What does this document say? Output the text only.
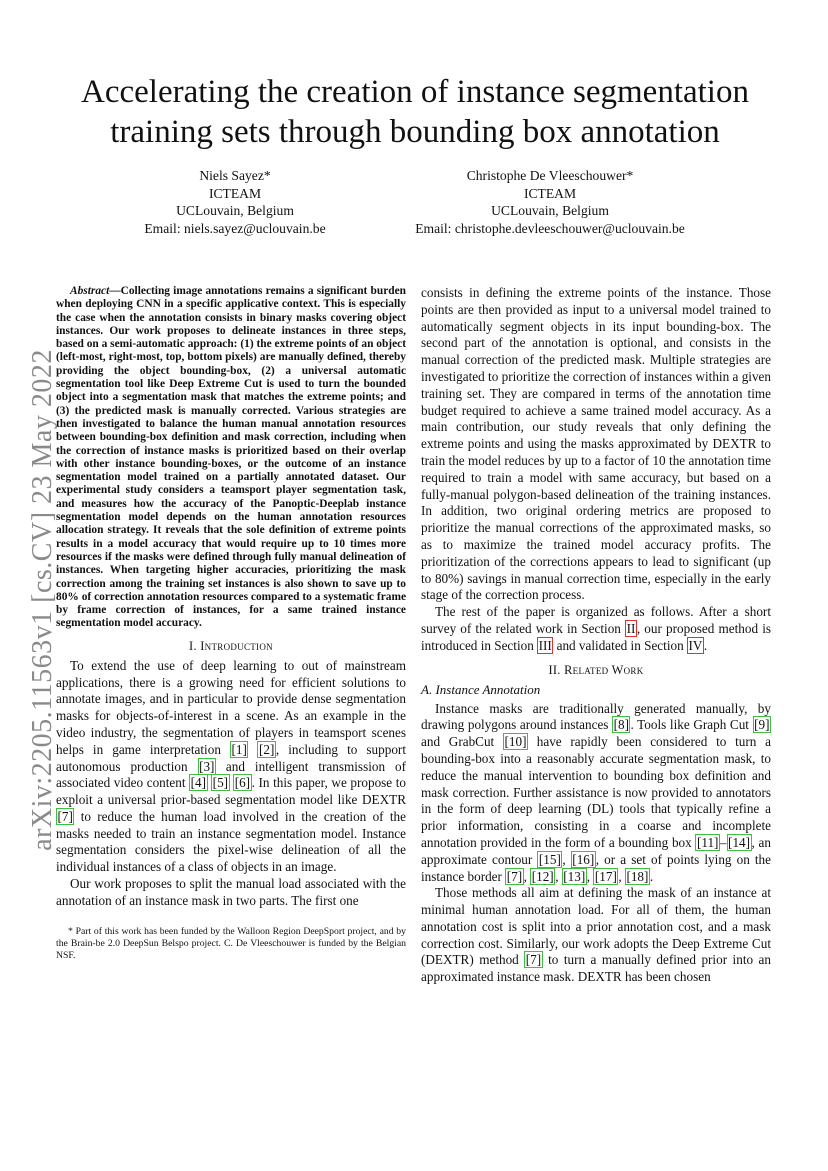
arXiv:2205.11563v1 [cs.CV] 23 May 2022
Accelerating the creation of instance segmentation training sets through bounding box annotation
Niels Sayez*
ICTEAM
UCLouvain, Belgium
Email: niels.sayez@uclouvain.be
Christophe De Vleeschouwer*
ICTEAM
UCLouvain, Belgium
Email: christophe.devleeschouwer@uclouvain.be

Abstract—Collecting image annotations remains a significant burden when deploying CNN in a specific applicative context. This is especially the case when the annotation consists in binary masks covering object instances. Our work proposes to delineate instances in three steps, based on a semi-automatic approach: (1) the extreme points of an object (left-most, right-most, top, bottom pixels) are manually defined, thereby providing the object bounding-box, (2) a universal automatic segmentation tool like Deep Extreme Cut is used to turn the bounded object into a segmentation mask that matches the extreme points; and (3) the predicted mask is manually corrected. Various strategies are then investigated to balance the human manual annotation resources between bounding-box definition and mask correction, including when the correction of instance masks is prioritized based on their overlap with other instance bounding-boxes, or the outcome of an instance segmentation model trained on a partially annotated dataset. Our experimental study considers a teamsport player segmentation task, and measures how the accuracy of the Panoptic-Deeplab instance segmentation model depends on the human annotation resources allocation strategy. It reveals that the sole definition of extreme points results in a model accuracy that would require up to 10 times more resources if the masks were defined through fully manual delineation of instances. When targeting higher accuracies, prioritizing the mask correction among the training set instances is also shown to save up to 80% of correction annotation resources compared to a systematic frame by frame correction of instances, for a same trained instance segmentation model accuracy.

I. Introduction

To extend the use of deep learning to out of mainstream applications, there is a growing need for efficient solutions to annotate images, and in particular to provide dense segmentation masks for objects-of-interest in a scene. As an example in the video industry, the segmentation of players in teamsport scenes helps in game interpretation [1] [2] , including to support autonomous production [3] and intelligent transmission of associated video content [4] [5] [6] . In this paper, we propose to exploit a universal prior-based segmentation model like DEXTR [7] to reduce the human load involved in the creation of the masks needed to train an instance segmentation model. Instance segmentation considers the pixel-wise delineation of all the individual instances of a class of objects in an image.

Our work proposes to split the manual load associated with the annotation of an instance mask in two parts. The first one

* Part of this work has been funded by the Walloon Region DeepSport project, and by the Brain-be 2.0 DeepSun Belspo project. C. De Vleeschouwer is funded by the Belgian NSF.

consists in defining the extreme points of the instance. Those points are then provided as input to a universal model trained to automatically segment objects in its input bounding-box. The second part of the annotation is optional, and consists in the manual correction of the predicted mask. Multiple strategies are investigated to prioritize the correction of instances within a given training set. They are compared in terms of the annotation time budget required to achieve a same trained model accuracy. As a main contribution, our study reveals that only defining the extreme points and using the masks approximated by DEXTR to train the model reduces by up to a factor of 10 the annotation time required to train a model with same accuracy, but based on a fully-manual polygon-based delineation of the training instances. In addition, two original ordering metrics are proposed to prioritize the manual corrections of the approximated masks, so as to maximize the trained model accuracy profits. The prioritization of the corrections appears to lead to significant (up to 80%) savings in manual correction time, especially in the early stage of the correction process.

The rest of the paper is organized as follows. After a short survey of the related work in Section II , our proposed method is introduced in Section III and validated in Section IV .

II. Related Work
A. Instance Annotation

Instance masks are traditionally generated manually, by drawing polygons around instances [8] . Tools like Graph Cut [9] and GrabCut [10] have rapidly been considered to turn a bounding-box into a reasonably accurate segmentation mask, to reduce the manual intervention to bounding box definition and mask correction. Further assistance is now provided to annotators in the form of deep learning (DL) tools that typically refine a prior information, consisting in a coarse and incomplete annotation provided in the form of a bounding box [11] – [14] , an approximate contour [15] , [16] , or a set of points lying on the instance border [7] , [12] , [13] , [17] , [18] .

Those methods all aim at defining the mask of an instance at minimal human annotation load. For all of them, the human annotation cost is split into a prior annotation cost, and a mask correction cost. Similarly, our work adopts the Deep Extreme Cut (DEXTR) method [7] to turn a manually defined prior into an approximated instance mask. DEXTR has been chosen
